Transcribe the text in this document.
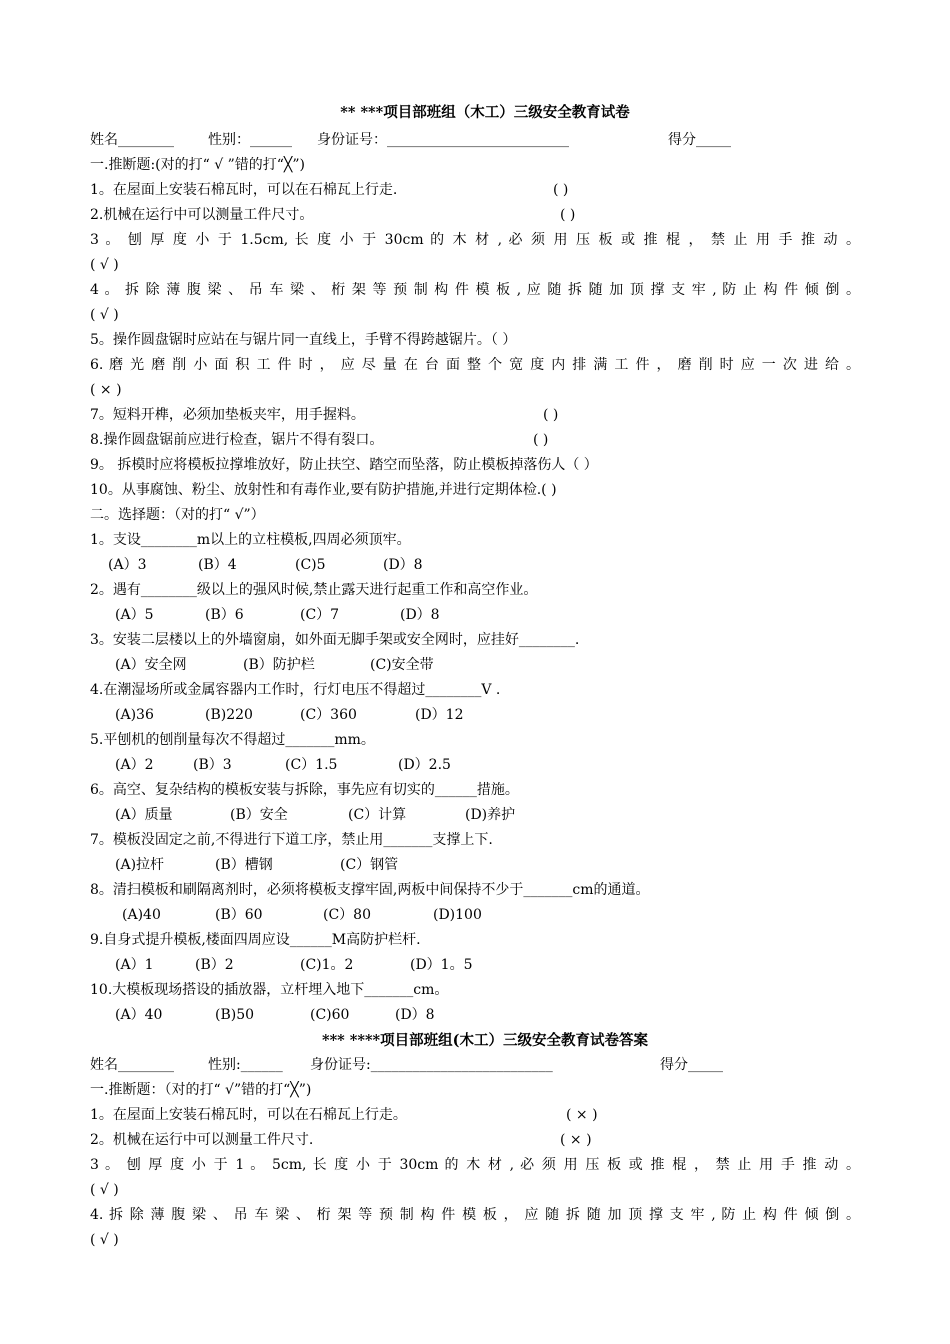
** ***项目部班组（木工）三级安全教育试卷
姓名________ 性别：______ 身份证号：__________________________	得分_____
一.推断题:(对的打“ √ ”错的打“╳”)
1。在屋面上安装石棉瓦时，可以在石棉瓦上行走.	( )
2.机械在运行中可以测量工件尺寸。	( )
3 。 刨 厚 度 小 于 1.5cm, 长 度 小 于 30cm 的 木 材 , 必 须 用 压 板 或 推 棍 ， 禁 止 用 手 推 动 。
( √ )
4 。 拆 除 薄 腹 梁 、 吊 车 梁 、 桁 架 等 预 制 构 件 模 板 , 应 随 拆 随 加 顶 撑 支 牢 , 防 止 构 件 倾 倒 。
( √ )
5。操作圆盘锯时应站在与锯片同一直线上，手臂不得跨越锯片。（ ）
6. 磨 光 磨 削 小 面 积 工 件 时 ， 应 尽 量 在 台 面 整 个 宽 度 内 排 满 工 件 ， 磨 削 时 应 一 次 进 给 。
( × )
7。短料开榫，必须加垫板夹牢，用手握料。	( )
8.操作圆盘锯前应进行检查，锯片不得有裂口。	( )
9。 拆模时应将模板拉撑堆放好，防止扶空、踏空而坠落，防止模板掉落伤人（ ）
10。从事腐蚀、粉尘、放射性和有毒作业,要有防护措施,并进行定期体检.( )
二。选择题：（对的打“ √”）
1。支设________m以上的立柱模板,四周必须顶牢。
(A）3	(B）4	(C)5	(D）8
2。遇有________级以上的强风时候,禁止露天进行起重工作和高空作业。
(A）5	(B）6	(C）7	(D）8
3。安装二层楼以上的外墙窗扇，如外面无脚手架或安全网时，应挂好________.
(A）安全网	(B）防护栏	(C)安全带
4.在潮湿场所或金属容器内工作时，行灯电压不得超过________V .
(A)36	(B)220	(C）360	(D）12
5.平刨机的刨削量每次不得超过_______mm。
(A）2	(B）3	(C）1.5	(D）2.5
6。高空、复杂结构的模板安装与拆除，事先应有切实的______措施。
(A）质量	(B）安全	(C）计算	(D)养护
7。模板没固定之前,不得进行下道工序，禁止用_______支撑上下.
(A)拉杆	(B）槽钢	(C）钢管
8。清扫模板和刷隔离剂时，必须将模板支撑牢固,两板中间保持不少于_______cm的通道。
(A)40	(B）60	(C）80	(D)100
9.自身式提升模板,楼面四周应设______M高防护栏杆.
(A）1	(B）2	(C)1。2	(D）1。5
10.大模板现场搭设的插放器，立杆埋入地下_______cm。
(A）40	(B)50	(C)60	(D）8
*** ****项目部班组(木工）三级安全教育试卷答案
姓名________ 性别:______ 身份证号:__________________________	得分_____
一.推断题：（对的打“ √”错的打“╳”)
1。在屋面上安装石棉瓦时，可以在石棉瓦上行走。	( × )
2。机械在运行中可以测量工件尺寸.	( × )
3 。 刨 厚 度 小 于 1 。 5cm, 长 度 小 于 30cm 的 木 材 , 必 须 用 压 板 或 推 棍 ， 禁 止 用 手 推 动 。
( √ )
4. 拆 除 薄 腹 梁 、 吊 车 梁 、 桁 架 等 预 制 构 件 模 板 ， 应 随 拆 随 加 顶 撑 支 牢 , 防 止 构 件 倾 倒 。
( √ )
